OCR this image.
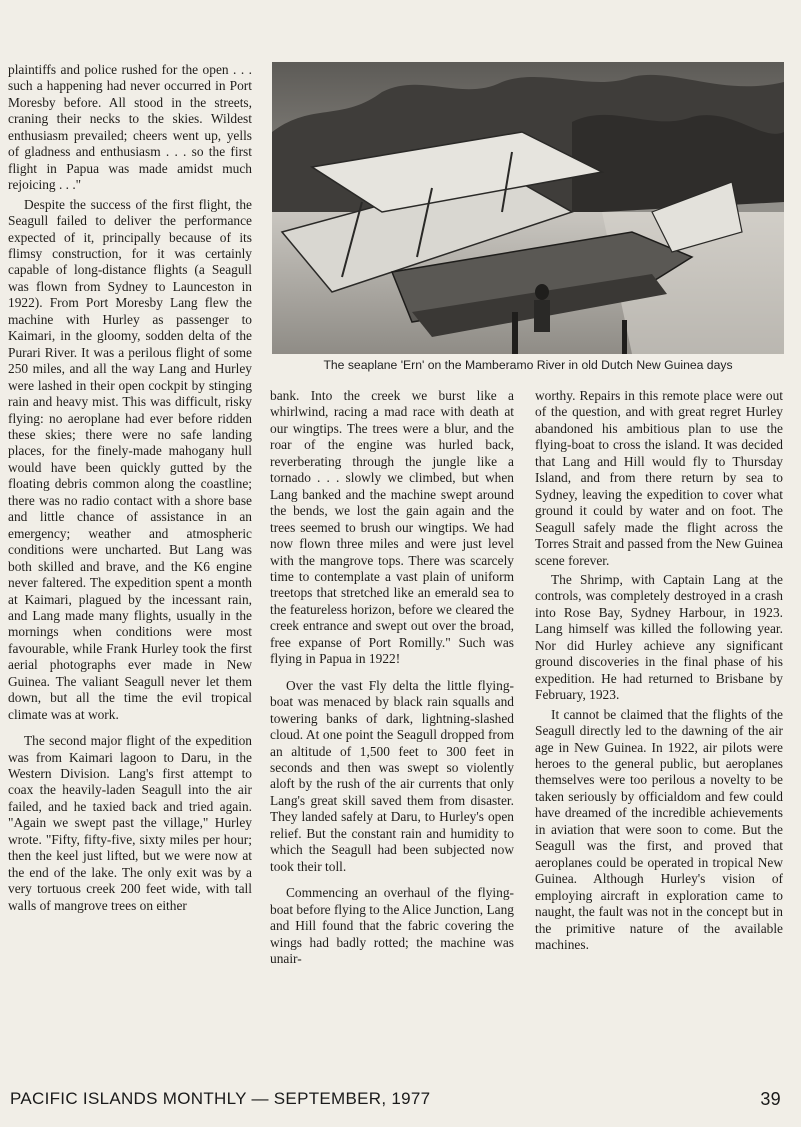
plaintiffs and police rushed for the open . . . such a happening had never occurred in Port Moresby before. All stood in the streets, craning their necks to the skies. Wildest enthusiasm prevailed; cheers went up, yells of gladness and enthusiasm . . . so the first flight in Papua was made amidst much rejoicing . . ."

Despite the success of the first flight, the Seagull failed to deliver the performance expected of it, principally because of its flimsy construction, for it was certainly capable of long-distance flights (a Seagull was flown from Sydney to Launceston in 1922). From Port Moresby Lang flew the machine with Hurley as passenger to Kaimari, in the gloomy, sodden delta of the Purari River. It was a perilous flight of some 250 miles, and all the way Lang and Hurley were lashed in their open cockpit by stinging rain and heavy mist. This was difficult, risky flying: no aeroplane had ever before ridden these skies; there were no safe landing places, for the finely-made mahogany hull would have been quickly gutted by the floating debris common along the coastline; there was no radio contact with a shore base and little chance of assistance in an emergency; weather and atmospheric conditions were uncharted. But Lang was both skilled and brave, and the K6 engine never faltered. The expedition spent a month at Kaimari, plagued by the incessant rain, and Lang made many flights, usually in the mornings when conditions were most favourable, while Frank Hurley took the first aerial photographs ever made in New Guinea. The valiant Seagull never let them down, but all the time the evil tropical climate was at work.

The second major flight of the expedition was from Kaimari lagoon to Daru, in the Western Division. Lang's first attempt to coax the heavily-laden Seagull into the air failed, and he taxied back and tried again. "Again we swept past the village," Hurley wrote. "Fifty, fifty-five, sixty miles per hour; then the keel just lifted, but we were now at the end of the lake. The only exit was by a very tortuous creek 200 feet wide, with tall walls of mangrove trees on either

The seaplane 'Ern' on the Mamberamo River in old Dutch New Guinea days

bank. Into the creek we burst like a whirlwind, racing a mad race with death at our wingtips. The trees were a blur, and the roar of the engine was hurled back, reverberating through the jungle like a tornado . . . slowly we climbed, but when Lang banked and the machine swept around the bends, we lost the gain again and the trees seemed to brush our wingtips. We had now flown three miles and were just level with the mangrove tops. There was scarcely time to contemplate a vast plain of uniform treetops that stretched like an emerald sea to the featureless horizon, before we cleared the creek entrance and swept out over the broad, free expanse of Port Romilly." Such was flying in Papua in 1922!

Over the vast Fly delta the little flying-boat was menaced by black rain squalls and towering banks of dark, lightning-slashed cloud. At one point the Seagull dropped from an altitude of 1,500 feet to 300 feet in seconds and then was swept so violently aloft by the rush of the air currents that only Lang's great skill saved them from disaster. They landed safely at Daru, to Hurley's open relief. But the constant rain and humidity to which the Seagull had been subjected now took their toll.

Commencing an overhaul of the flying-boat before flying to the Alice Junction, Lang and Hill found that the fabric covering the wings had badly rotted; the machine was unair-

worthy. Repairs in this remote place were out of the question, and with great regret Hurley abandoned his ambitious plan to use the flying-boat to cross the island. It was decided that Lang and Hill would fly to Thursday Island, and from there return by sea to Sydney, leaving the expedition to cover what ground it could by water and on foot. The Seagull safely made the flight across the Torres Strait and passed from the New Guinea scene forever.

The Shrimp, with Captain Lang at the controls, was completely destroyed in a crash into Rose Bay, Sydney Harbour, in 1923. Lang himself was killed the following year. Nor did Hurley achieve any significant ground discoveries in the final phase of his expedition. He had returned to Brisbane by February, 1923.

It cannot be claimed that the flights of the Seagull directly led to the dawning of the air age in New Guinea. In 1922, air pilots were heroes to the general public, but aeroplanes themselves were too perilous a novelty to be taken seriously by officialdom and few could have dreamed of the incredible achievements in aviation that were soon to come. But the Seagull was the first, and proved that aeroplanes could be operated in tropical New Guinea. Although Hurley's vision of employing aircraft in exploration came to naught, the fault was not in the concept but in the primitive nature of the available machines.

PACIFIC ISLANDS MONTHLY — SEPTEMBER, 1977	39
